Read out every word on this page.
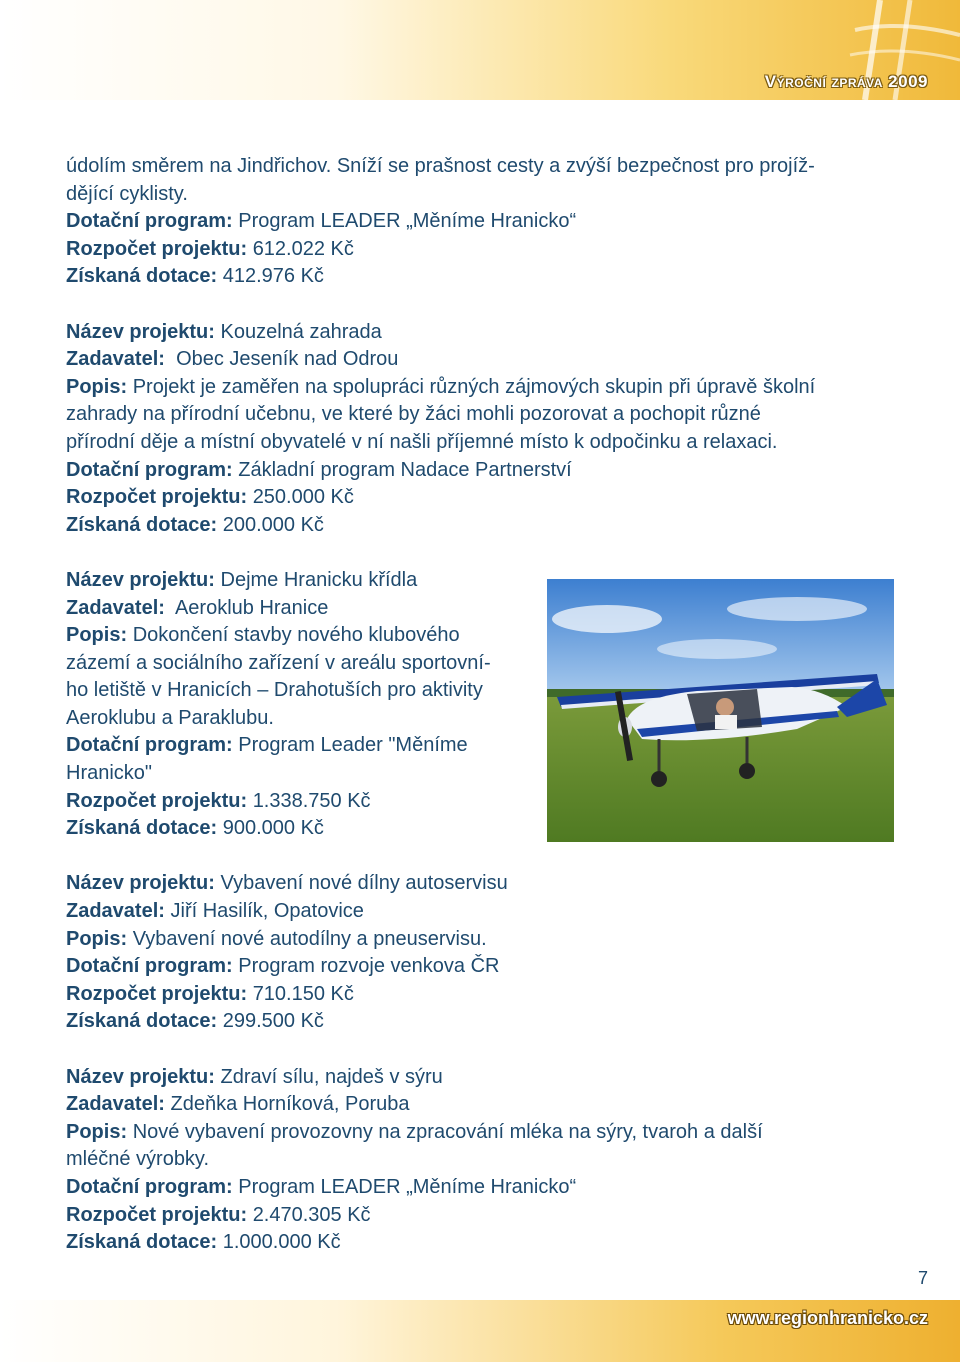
Výroční zpráva 2009
údolím směrem na Jindřichov. Sníží se prašnost cesty a zvýší bezpečnost pro projíž-
dějící cyklisty.
Dotační program: Program LEADER „Měníme Hranicko“
Rozpočet projektu: 612.022 Kč
Získaná dotace: 412.976 Kč
Název projektu: Kouzelná zahrada
Zadavatel: Obec Jeseník nad Odrou
Popis: Projekt je zaměřen na spolupráci různých zájmových skupin při úpravě školní
zahrady na přírodní učebnu, ve které by žáci mohli pozorovat a pochopit různé
přírodní děje a místní obyvatelé v ní našli příjemné místo k odpočinku a relaxaci.
Dotační program: Základní program Nadace Partnerství
Rozpočet projektu: 250.000 Kč
Získaná dotace: 200.000 Kč
Název projektu: Dejme Hranicku křídla
Zadavatel: Aeroklub Hranice
Popis: Dokončení stavby nového klubového
zázemí a sociálního zařízení v areálu sportovní-
ho letiště v Hranicích – Drahotuších pro aktivity
Aeroklubu a Paraklubu.
Dotační program: Program Leader "Měníme
Hranicko"
Rozpočet projektu: 1.338.750 Kč
Získaná dotace: 900.000 Kč
Název projektu: Vybavení nové dílny autoservisu
Zadavatel: Jiří Hasilík, Opatovice
Popis: Vybavení nové autodílny a pneuservisu.
Dotační program: Program rozvoje venkova ČR
Rozpočet projektu: 710.150 Kč
Získaná dotace: 299.500 Kč
Název projektu: Zdraví sílu, najdeš v sýru
Zadavatel: Zdeňka Horníková, Poruba
Popis: Nové vybavení provozovny na zpracování mléka na sýry, tvaroh a další
mléčné výrobky.
Dotační program: Program LEADER „Měníme Hranicko“
Rozpočet projektu: 2.470.305 Kč
Získaná dotace: 1.000.000 Kč
7
www.regionhranicko.cz
